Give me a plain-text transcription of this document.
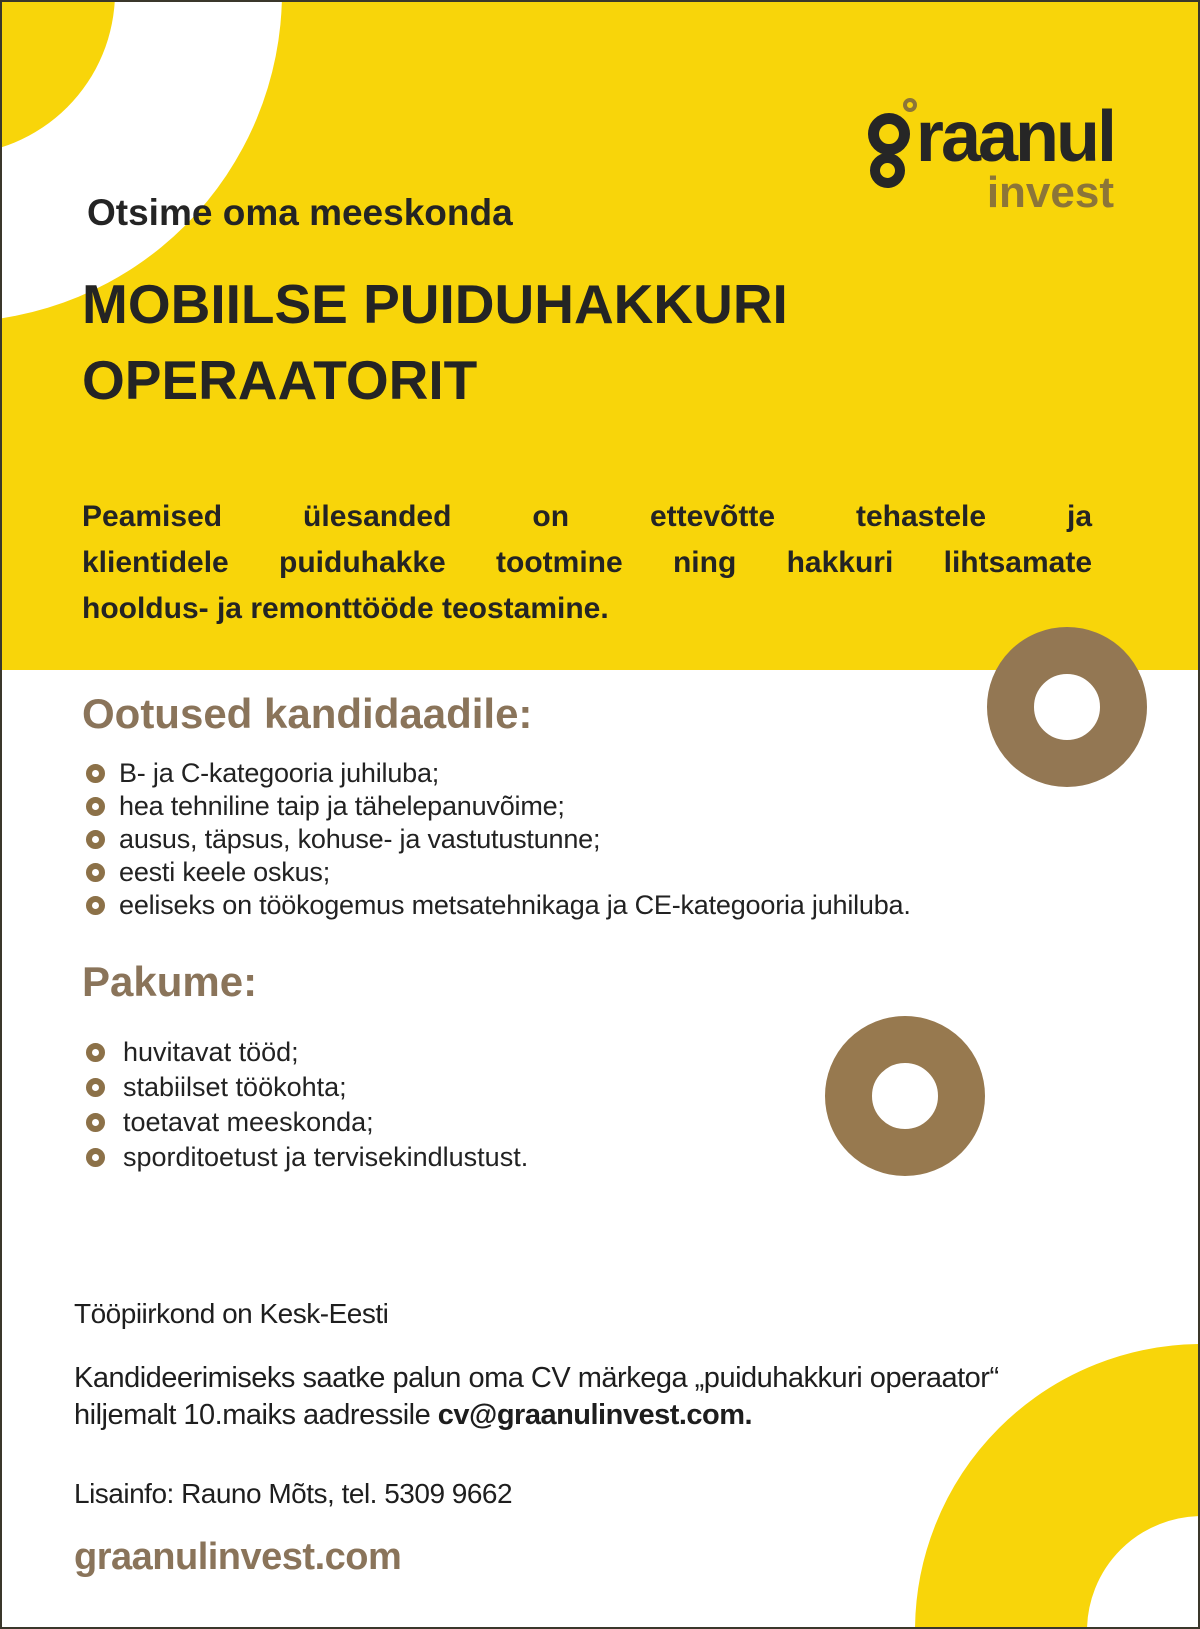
raanul
invest
Otsime oma meeskonda
MOBIILSE PUIDUHAKKURI
OPERAATORIT
Peamised ülesanded on ettevõtte tehastele ja
klientidele puiduhakke tootmine ning hakkuri lihtsamate
hooldus- ja remonttööde teostamine.
Ootused kandidaadile:
B- ja C-kategooria juhiluba;
hea tehniline taip ja tähelepanuvõime;
ausus, täpsus, kohuse- ja vastutustunne;
eesti keele oskus;
eeliseks on töökogemus metsatehnikaga ja CE-kategooria juhiluba.
Pakume:
huvitavat tööd;
stabiilset töökohta;
toetavat meeskonda;
sporditoetust ja tervisekindlustust.
Tööpiirkond on Kesk-Eesti
Kandideerimiseks saatke palun oma CV märkega „puiduhakkuri operaator“
hiljemalt 10.maiks aadressile cv@graanulinvest.com.
Lisainfo: Rauno Mõts, tel. 5309 9662
graanulinvest.com
